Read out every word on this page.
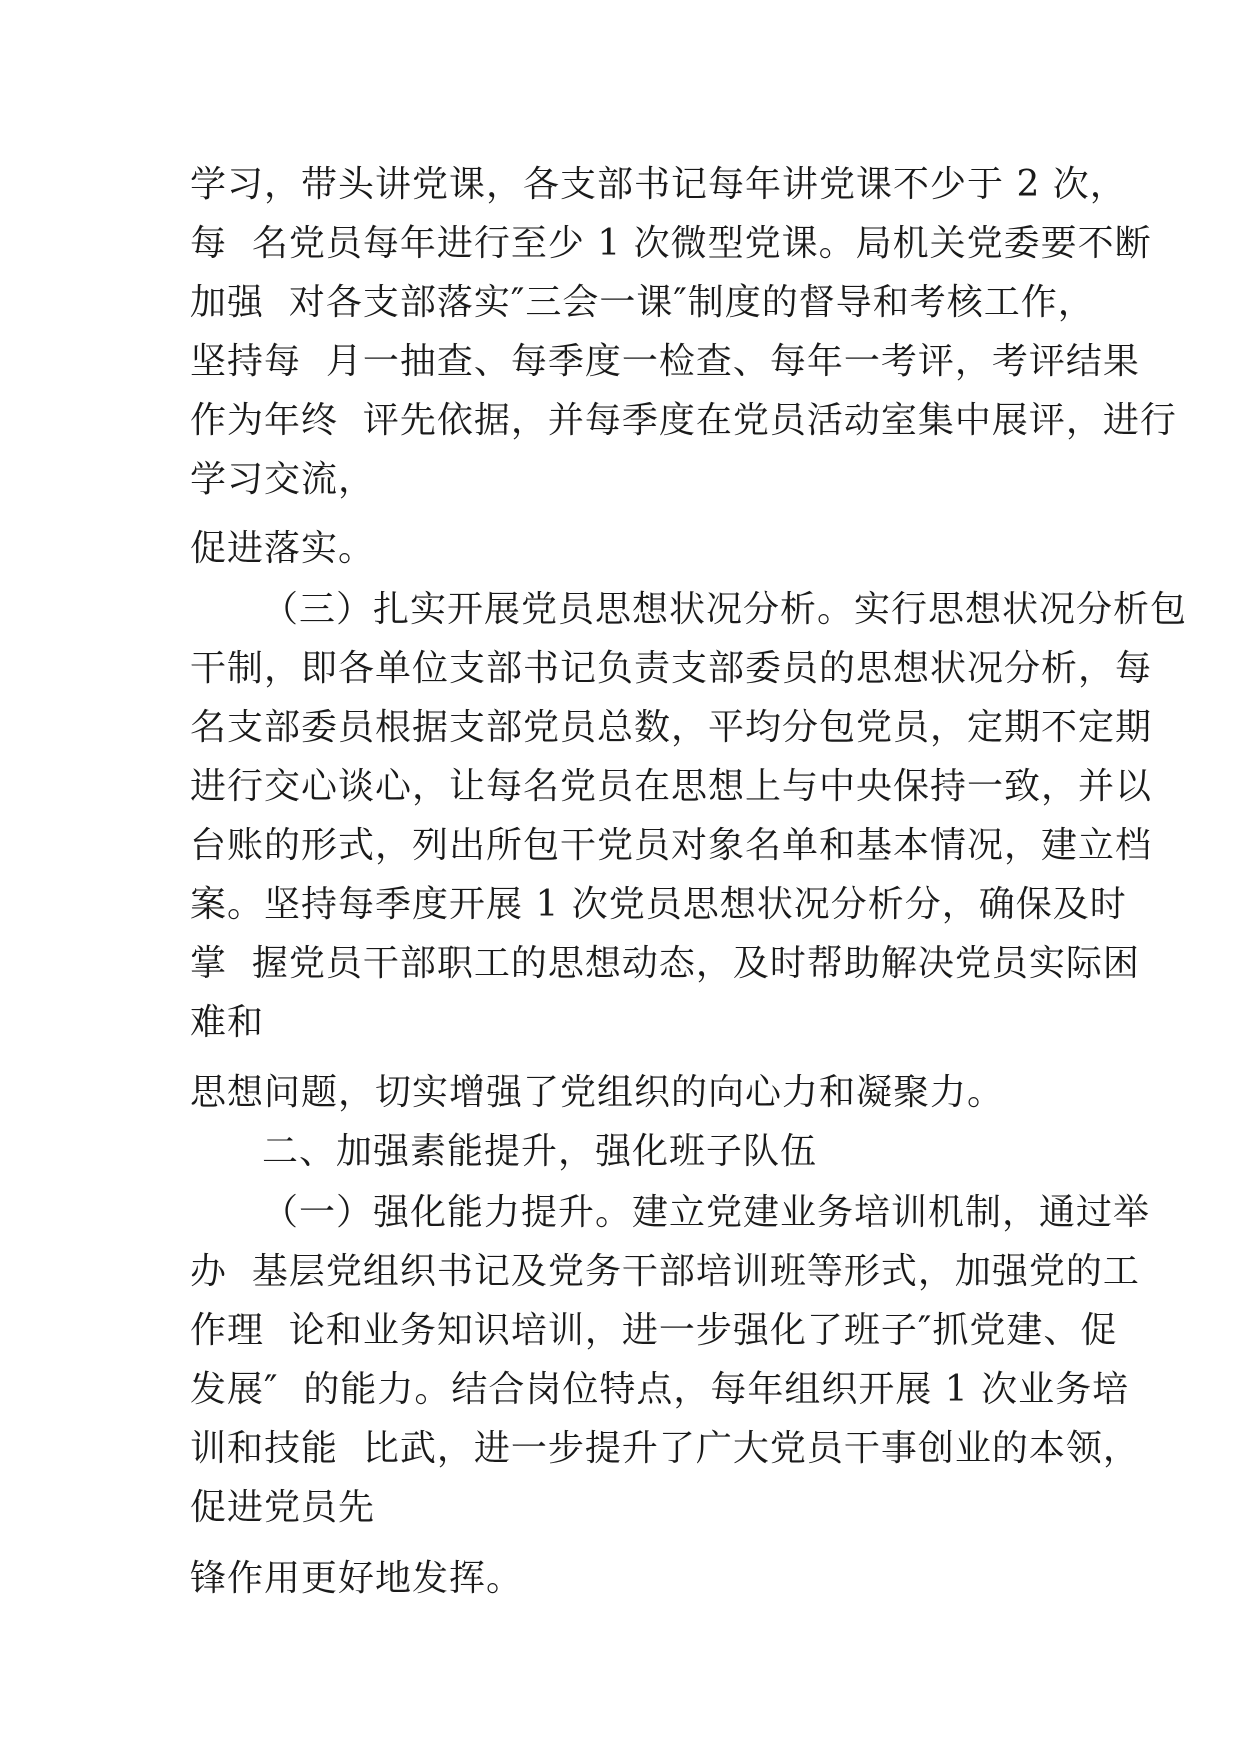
学习，带头讲党课，各支部书记每年讲党课不少于 2 次，
每  名党员每年进行至少 1 次微型党课。局机关党委要不断
加强  对各支部落实″三会一课″制度的督导和考核工作，
坚持每  月一抽查、每季度一检查、每年一考评，考评结果
作为年终  评先依据，并每季度在党员活动室集中展评，进行
学习交流，
促进落实。
（三）扎实开展党员思想状况分析。实行思想状况分析包
干制，即各单位支部书记负责支部委员的思想状况分析，每
名支部委员根据支部党员总数，平均分包党员，定期不定期
进行交心谈心，让每名党员在思想上与中央保持一致，并以
台账的形式，列出所包干党员对象名单和基本情况，建立档
案。坚持每季度开展 1 次党员思想状况分析分，确保及时
掌  握党员干部职工的思想动态，及时帮助解决党员实际困
难和
思想问题，切实增强了党组织的向心力和凝聚力。
二、加强素能提升，强化班子队伍
（一）强化能力提升。建立党建业务培训机制，通过举
办  基层党组织书记及党务干部培训班等形式，加强党的工
作理  论和业务知识培训，进一步强化了班子″抓党建、促
发展″  的能力。结合岗位特点，每年组织开展 1 次业务培
训和技能  比武，进一步提升了广大党员干事创业的本领，
促进党员先
锋作用更好地发挥。
